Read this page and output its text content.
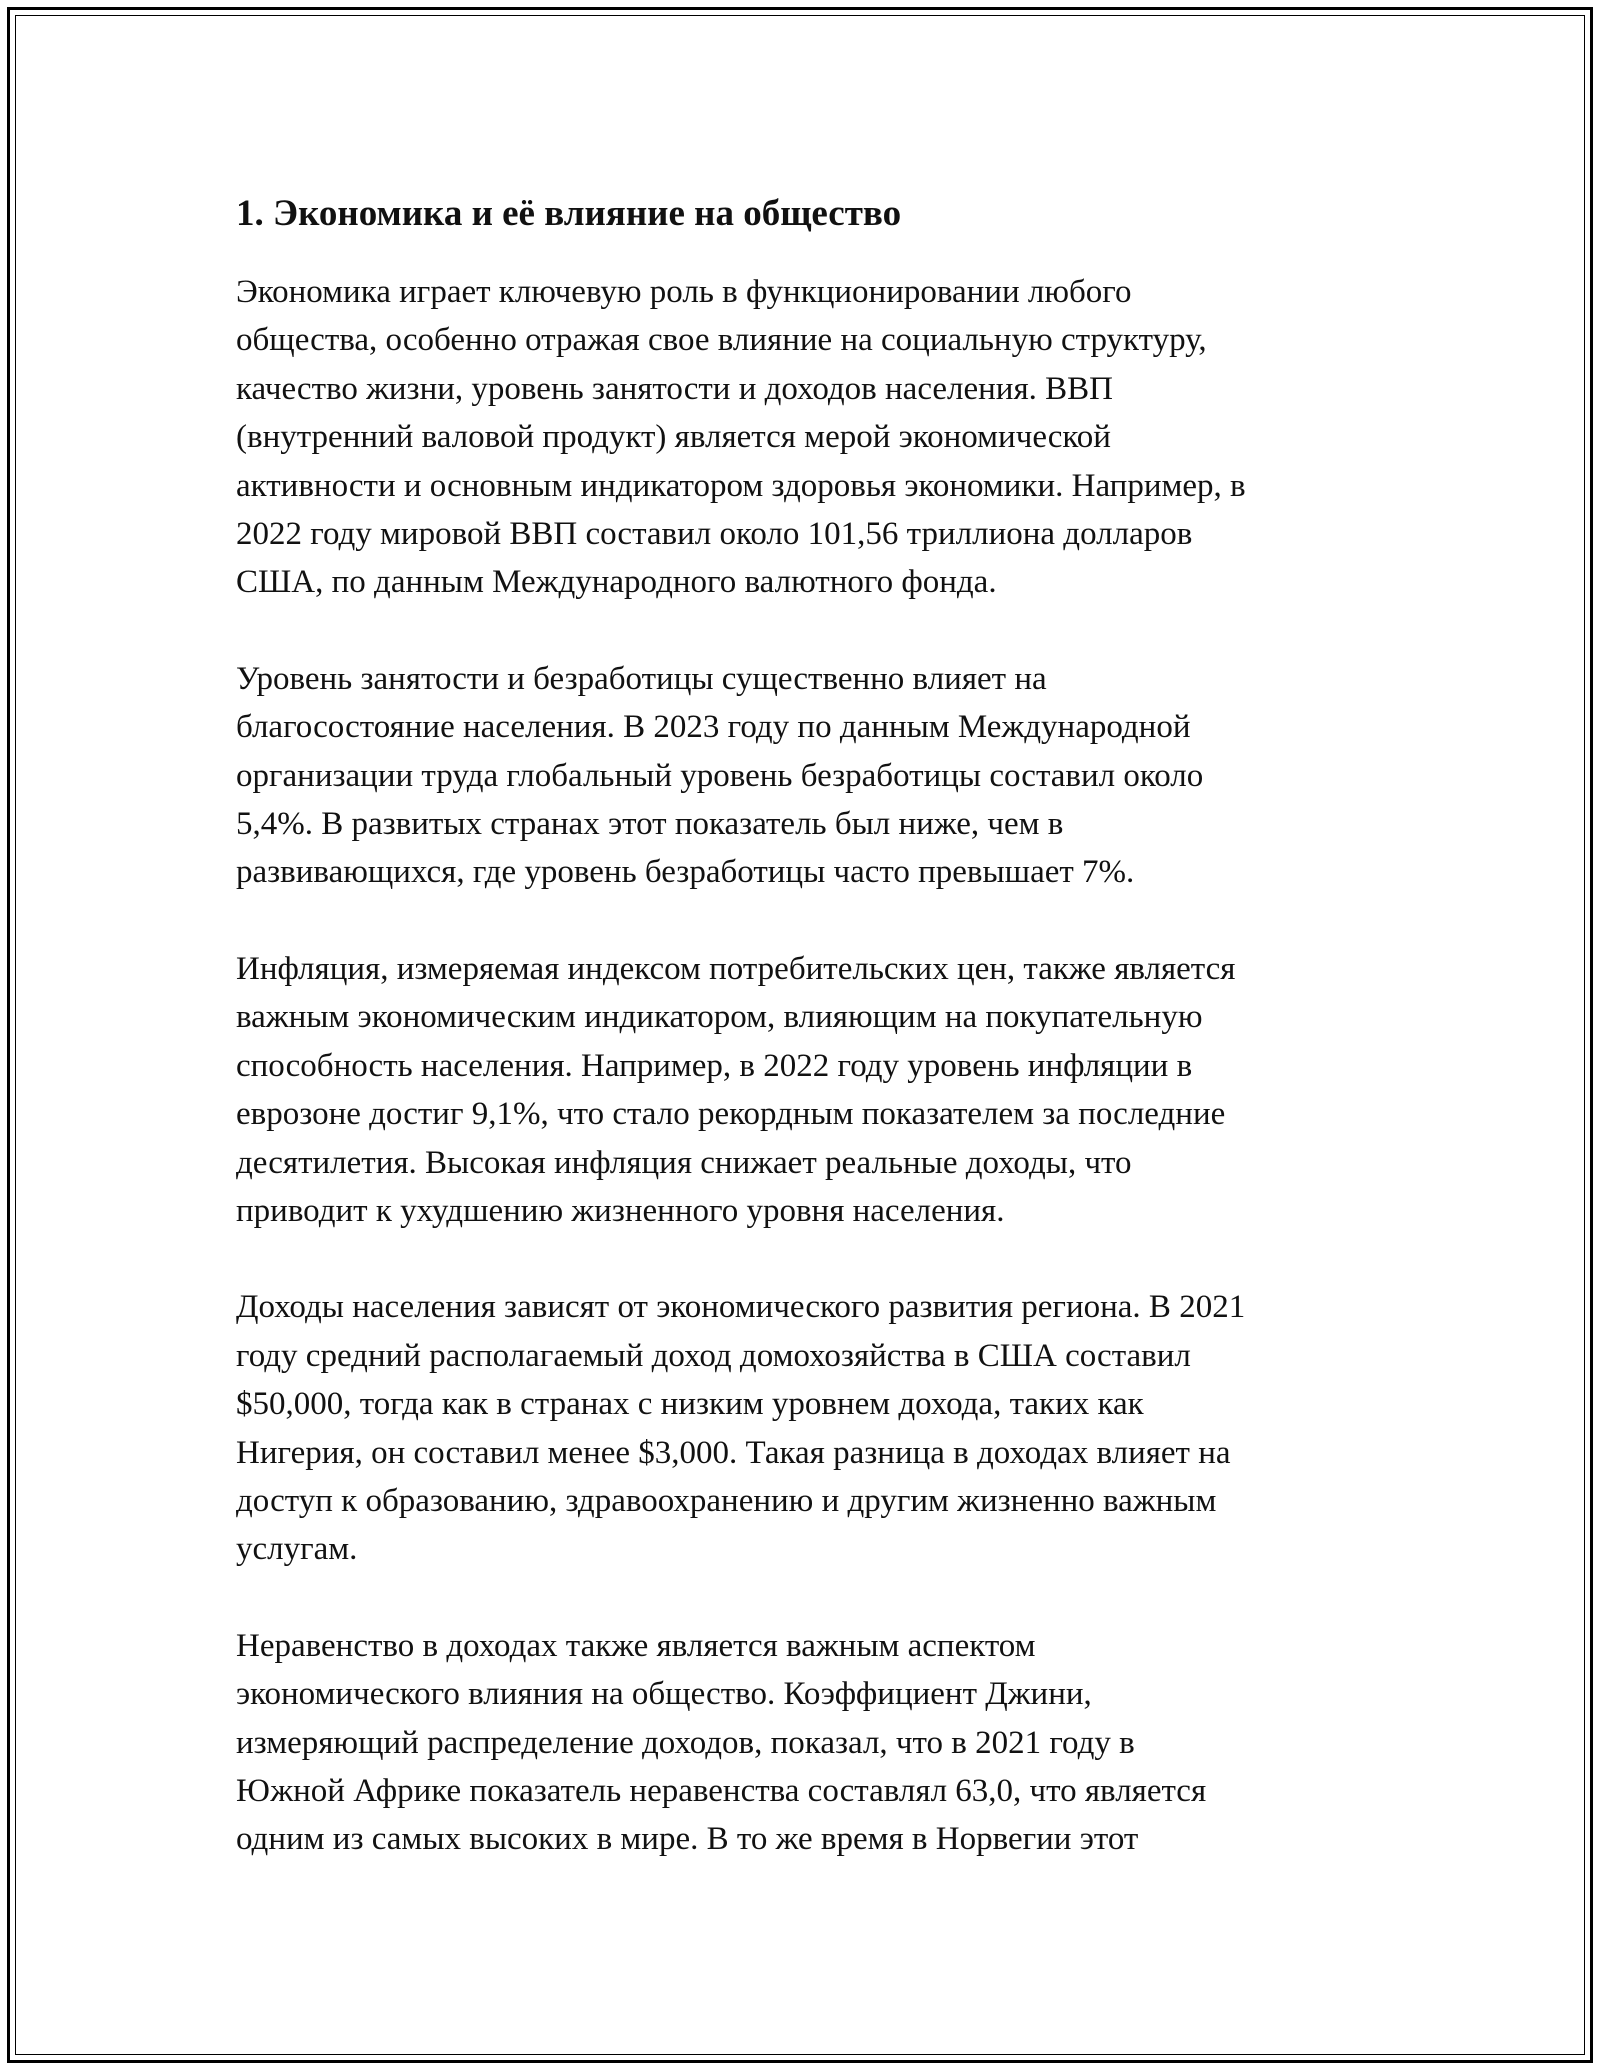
1. Экономика и её влияние на общество
Экономика играет ключевую роль в функционировании любого
общества, особенно отражая свое влияние на социальную структуру,
качество жизни, уровень занятости и доходов населения. ВВП
(внутренний валовой продукт) является мерой экономической
активности и основным индикатором здоровья экономики. Например, в
2022 году мировой ВВП составил около 101,56 триллиона долларов
США, по данным Международного валютного фонда.
Уровень занятости и безработицы существенно влияет на
благосостояние населения. В 2023 году по данным Международной
организации труда глобальный уровень безработицы составил около
5,4%. В развитых странах этот показатель был ниже, чем в
развивающихся, где уровень безработицы часто превышает 7%.
Инфляция, измеряемая индексом потребительских цен, также является
важным экономическим индикатором, влияющим на покупательную
способность населения. Например, в 2022 году уровень инфляции в
еврозоне достиг 9,1%, что стало рекордным показателем за последние
десятилетия. Высокая инфляция снижает реальные доходы, что
приводит к ухудшению жизненного уровня населения.
Доходы населения зависят от экономического развития региона. В 2021
году средний располагаемый доход домохозяйства в США составил
$50,000, тогда как в странах с низким уровнем дохода, таких как
Нигерия, он составил менее $3,000. Такая разница в доходах влияет на
доступ к образованию, здравоохранению и другим жизненно важным
услугам.
Неравенство в доходах также является важным аспектом
экономического влияния на общество. Коэффициент Джини,
измеряющий распределение доходов, показал, что в 2021 году в
Южной Африке показатель неравенства составлял 63,0, что является
одним из самых высоких в мире. В то же время в Норвегии этот
